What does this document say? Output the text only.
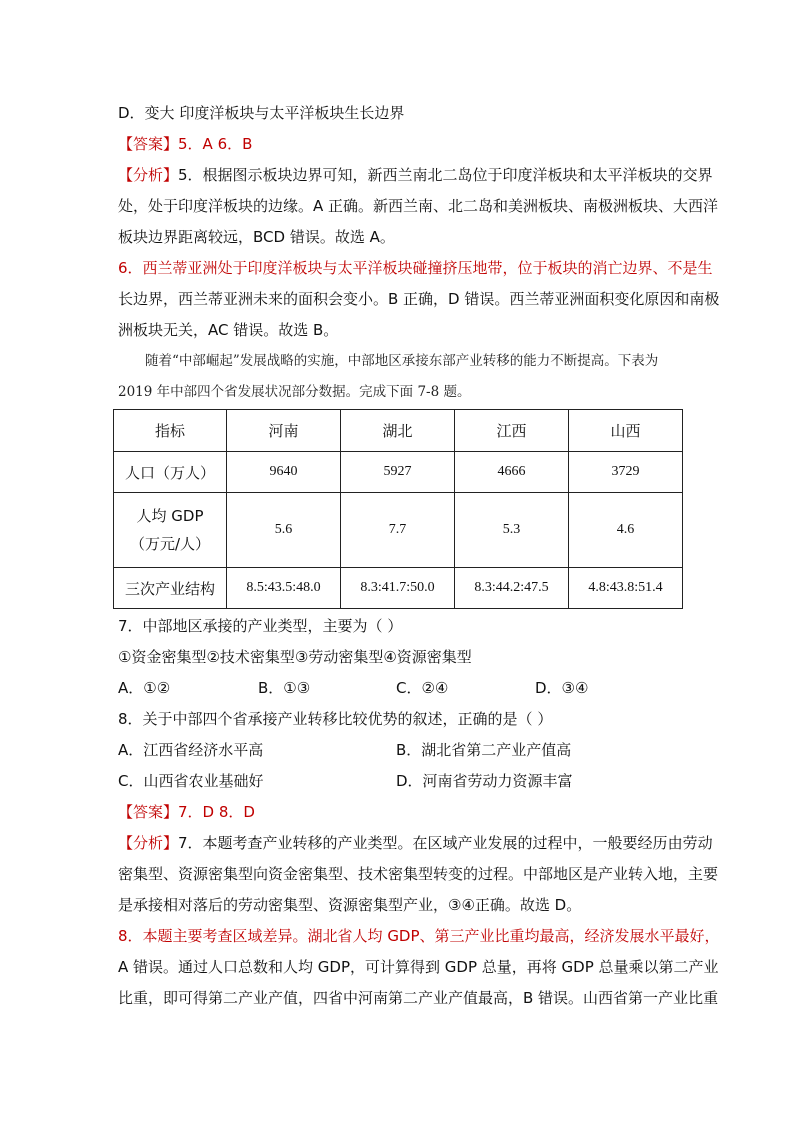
D．变大 印度洋板块与太平洋板块生长边界
【答案】5．A 6．B
【分析】5．根据图示板块边界可知，新西兰南北二岛位于印度洋板块和太平洋板块的交界
处，处于印度洋板块的边缘。A 正确。新西兰南、北二岛和美洲板块、南极洲板块、大西洋
板块边界距离较远，BCD 错误。故选 A。
6．西兰蒂亚洲处于印度洋板块与太平洋板块碰撞挤压地带，位于板块的消亡边界、不是生
长边界，西兰蒂亚洲未来的面积会变小。B 正确，D 错误。西兰蒂亚洲面积变化原因和南极
洲板块无关，AC 错误。故选 B。
随着“中部崛起”发展战略的实施，中部地区承接东部产业转移的能力不断提高。下表为
2019 年中部四个省发展状况部分数据。完成下面 7-8 题。
指标	河南	湖北	江西	山西
人口（万人）	9640	5927	4666	3729

人均 GDP
（万元/人）	5.6	7.7	5.3	4.6
三次产业结构	8.5:43.5:48.0	8.3:41.7:50.0	8.3:44.2:47.5	4.8:43.8:51.4
7．中部地区承接的产业类型，主要为（ ）
①资金密集型②技术密集型③劳动密集型④资源密集型
A．①②	B．①③	C．②④	D．③④
8．关于中部四个省承接产业转移比较优势的叙述，正确的是（ ）
A．江西省经济水平高	B．湖北省第二产业产值高
C．山西省农业基础好	D．河南省劳动力资源丰富
【答案】7．D 8．D
【分析】7．本题考查产业转移的产业类型。在区域产业发展的过程中，一般要经历由劳动
密集型、资源密集型向资金密集型、技术密集型转变的过程。中部地区是产业转入地，主要
是承接相对落后的劳动密集型、资源密集型产业，③④正确。故选 D。
8．本题主要考查区域差异。湖北省人均 GDP、第三产业比重均最高，经济发展水平最好，
A 错误。通过人口总数和人均 GDP，可计算得到 GDP 总量，再将 GDP 总量乘以第二产业
比重，即可得第二产业产值，四省中河南第二产业产值最高，B 错误。山西省第一产业比重
